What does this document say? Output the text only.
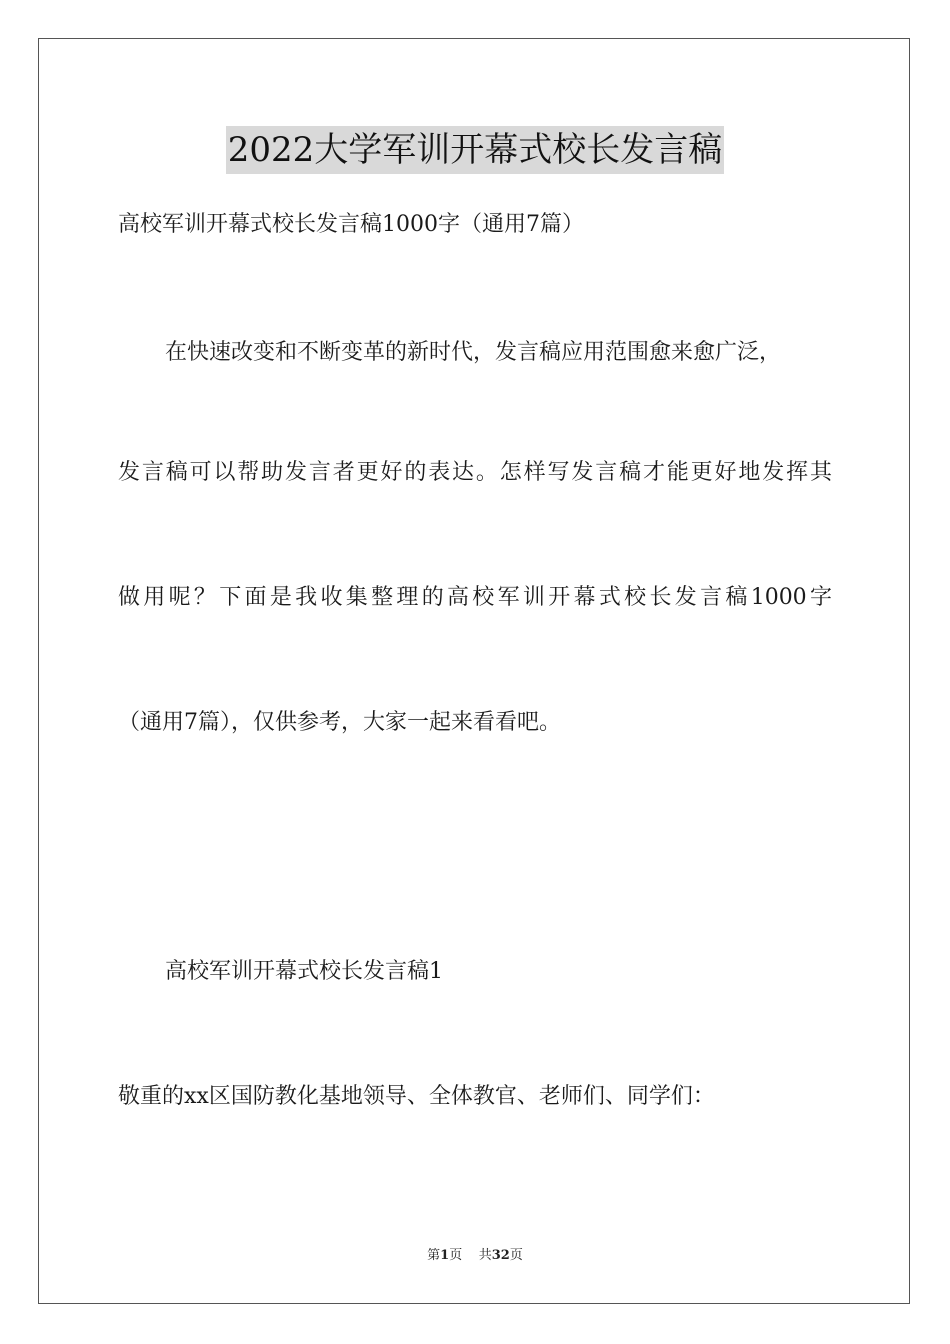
2022大学军训开幕式校长发言稿
高校军训开幕式校长发言稿1000字（通用7篇）
在快速改变和不断变革的新时代，发言稿应用范围愈来愈广泛，
发言稿可以帮助发言者更好的表达。怎样写发言稿才能更好地发挥其
做用呢？下面是我收集整理的高校军训开幕式校长发言稿1000字
（通用7篇），仅供参考，大家一起来看看吧。
高校军训开幕式校长发言稿1
敬重的xx区国防教化基地领导、全体教官、老师们、同学们：
第1页 共32页
